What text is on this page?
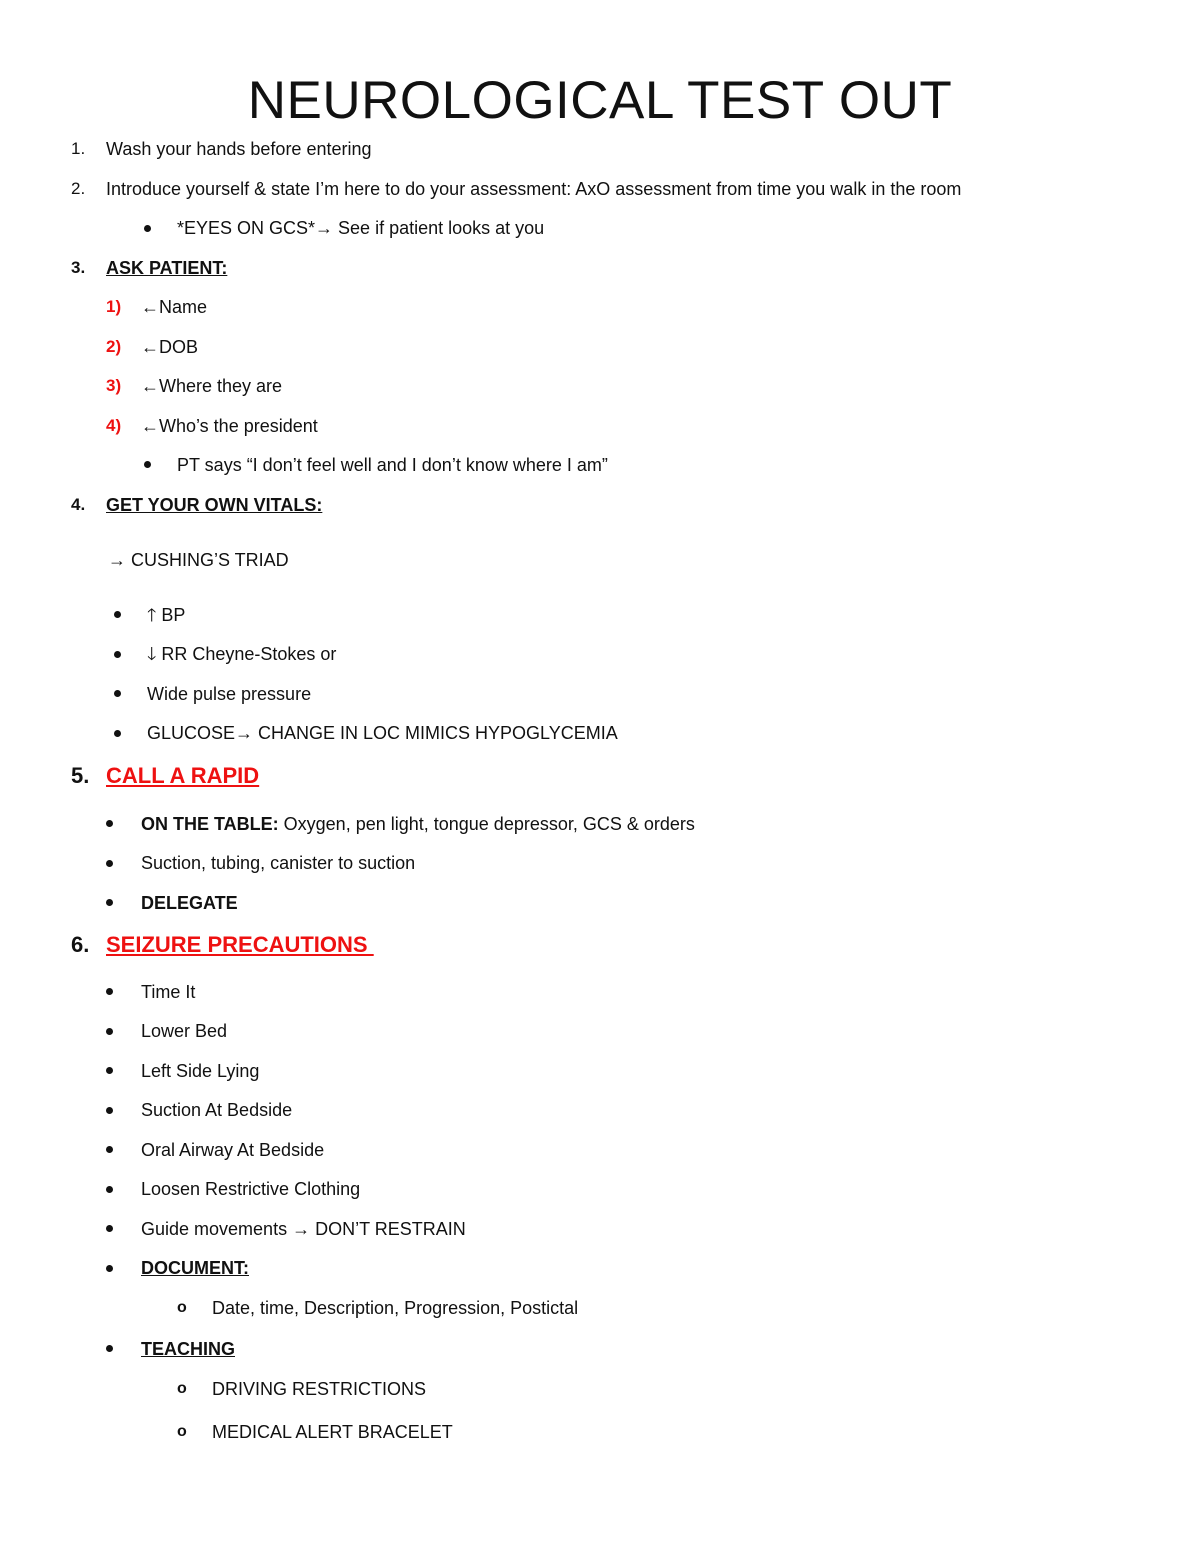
NEUROLOGICAL TEST OUT
1. Wash your hands before entering
2. Introduce yourself & state I’m here to do your assessment: AxO assessment from time you walk in the room
*EYES ON GCS*→ See if patient looks at you
3. ASK PATIENT:
1) ←Name
2) ←DOB
3) ←Where they are
4) ←Who’s the president
PT says “I don’t feel well and I don’t know where I am”
4. GET YOUR OWN VITALS:
→ CUSHING’S TRIAD
🡑 BP
🡓 RR Cheyne-Stokes or
Wide pulse pressure
GLUCOSE→ CHANGE IN LOC MIMICS HYPOGLYCEMIA
5. CALL A RAPID
ON THE TABLE: Oxygen, pen light, tongue depressor, GCS & orders
Suction, tubing, canister to suction
DELEGATE
6. SEIZURE PRECAUTIONS
Time It
Lower Bed
Left Side Lying
Suction At Bedside
Oral Airway At Bedside
Loosen Restrictive Clothing
Guide movements → DON’T RESTRAIN
DOCUMENT:
o Date, time, Description, Progression, Postictal
TEACHING
o DRIVING RESTRICTIONS
o MEDICAL ALERT BRACELET
